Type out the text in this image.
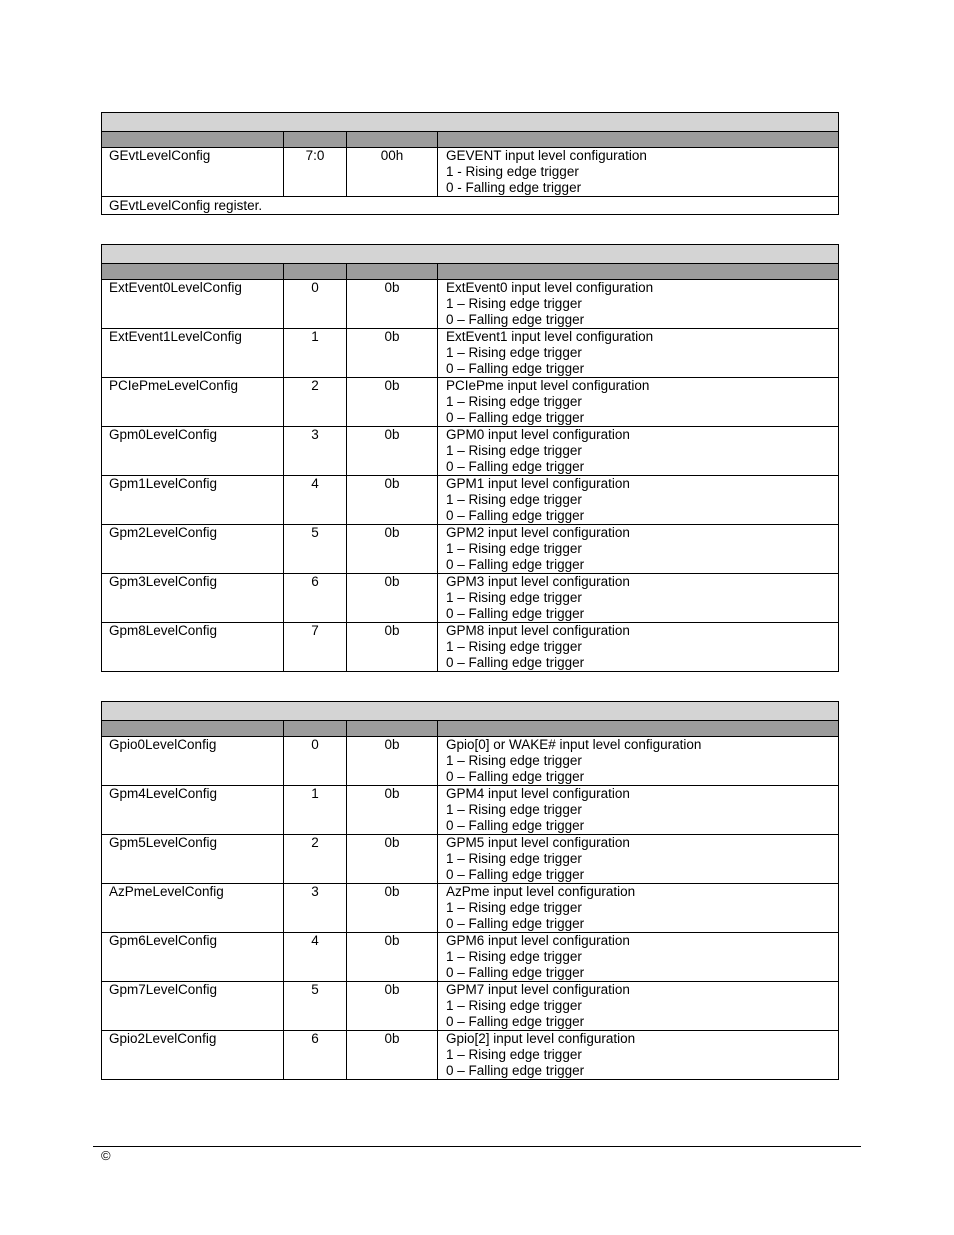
GEvtLevelConfig	7:0	00h	GEVENT input level configuration
1 - Rising edge trigger
0 - Falling edge trigger

GEvtLevelConfig register.			

ExtEvent0LevelConfig	0	0b	ExtEvent0 input level configuration
1 – Rising edge trigger
0 – Falling edge trigger

ExtEvent1LevelConfig	1	0b	ExtEvent1 input level configuration
1 – Rising edge trigger
0 – Falling edge trigger

PCIePmeLevelConfig	2	0b	PCIePme input level configuration
1 – Rising edge trigger
0 – Falling edge trigger

Gpm0LevelConfig	3	0b	GPM0 input level configuration
1 – Rising edge trigger
0 – Falling edge trigger

Gpm1LevelConfig	4	0b	GPM1 input level configuration
1 – Rising edge trigger
0 – Falling edge trigger

Gpm2LevelConfig	5	0b	GPM2 input level configuration
1 – Rising edge trigger
0 – Falling edge trigger

Gpm3LevelConfig	6	0b	GPM3 input level configuration
1 – Rising edge trigger
0 – Falling edge trigger

Gpm8LevelConfig	7	0b	GPM8 input level configuration
1 – Rising edge trigger
0 – Falling edge trigger

Gpio0LevelConfig	0	0b	Gpio[0] or WAKE# input level configuration
1 – Rising edge trigger
0 – Falling edge trigger

Gpm4LevelConfig	1	0b	GPM4 input level configuration
1 – Rising edge trigger
0 – Falling edge trigger

Gpm5LevelConfig	2	0b	GPM5 input level configuration
1 – Rising edge trigger
0 – Falling edge trigger

AzPmeLevelConfig	3	0b	AzPme input level configuration
1 – Rising edge trigger
0 – Falling edge trigger

Gpm6LevelConfig	4	0b	GPM6 input level configuration
1 – Rising edge trigger
0 – Falling edge trigger

Gpm7LevelConfig	5	0b	GPM7 input level configuration
1 – Rising edge trigger
0 – Falling edge trigger

Gpio2LevelConfig	6	0b	Gpio[2] input level configuration
1 – Rising edge trigger
0 – Falling edge trigger
©
